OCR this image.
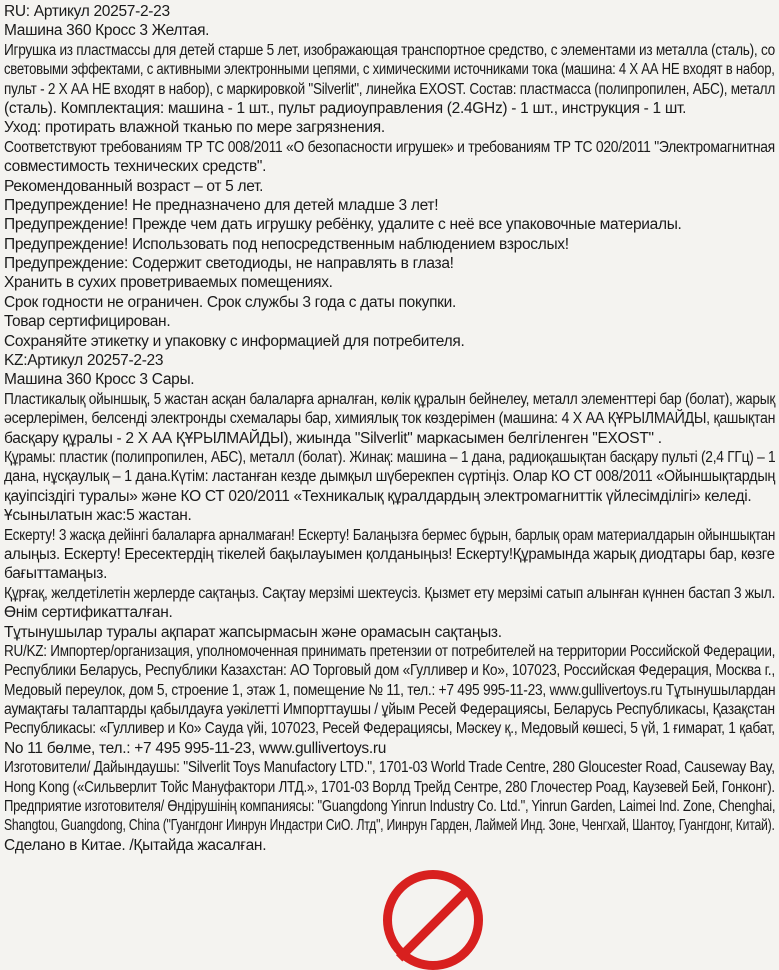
RU: Артикул 20257-2-23
Машина 360 Кросс 3 Желтая.
Игрушка из пластмассы для детей старше 5 лет, изображающая транспортное средство, с элементами из металла (сталь), со
световыми эффектами, с активными электронными цепями, с химическими источниками тока (машина: 4 Х АА НЕ входят в набор,
пульт - 2 Х АА НЕ входят в набор), с маркировкой "Silverlit", линейка EXOST. Состав: пластмасса (полипропилен, АБС), металл
(сталь). Комплектация: машина - 1 шт., пульт радиоуправления (2.4GHz) - 1 шт., инструкция - 1 шт.
Уход: протирать влажной тканью по мере загрязнения.
Соответствуют требованиям ТР ТС 008/2011 «О безопасности игрушек» и требованиям ТР ТС 020/2011 "Электромагнитная
совместимость технических средств".
Рекомендованный возраст – от 5 лет.
Предупреждение! Не предназначено для детей младше 3 лет!
Предупреждение! Прежде чем дать игрушку ребёнку, удалите с неё все упаковочные материалы.
Предупреждение! Использовать под непосредственным наблюдением взрослых!
Предупреждение: Содержит светодиоды, не направлять в глаза!
Хранить в сухих проветриваемых помещениях.
Срок годности не ограничен. Срок службы 3 года с даты покупки.
Товар сертифицирован.
Сохраняйте этикетку и упаковку с информацией для потребителя.
KZ:Артикул 20257-2-23
Машина 360 Кросс 3 Сары.
Пластикалық ойыншық, 5 жастан асқан балаларға арналған, көлік құралын бейнелеу, металл элементтері бар (болат), жарық
әсерлерімен, белсенді электронды схемалары бар, химиялық ток көздерімен (машина: 4 Х АА ҚҰРЫЛМАЙДЫ, қашықтан
басқару құралы - 2 Х АА ҚҰРЫЛМАЙДЫ), жиында "Silverlit" маркасымен белгіленген "EXOST" .
Құрамы: пластик (полипропилен, АБС), металл (болат). Жинақ: машина – 1 дана, радиоқашықтан басқару пульті (2,4 ГГц) – 1
дана, нұсқаулық – 1 дана.Күтім: ластанған кезде дымқыл шүберекпен сүртіңіз. Олар КО СТ 008/2011 «Ойыншықтардың
қауіпсіздігі туралы» және КО СТ 020/2011 «Техникалық құралдардың электромагниттік үйлесімділігі» келеді.
Ұсынылатын жас:5 жастан.
Ескерту! 3 жасқа дейінгі балаларға арналмаған! Ескерту! Балаңызға бермес бұрын, барлық орам материалдарын ойыншықтан
алыңыз. Ескерту! Ересектердің тікелей бақылауымен қолданыңыз! Ескерту!Құрамында жарық диодтары бар, көзге
бағыттамаңыз.
Құрғақ, желдетілетін жерлерде сақтаңыз. Сақтау мерзімі шектеусіз. Қызмет ету мерзімі сатып алынған күннен бастап 3 жыл.
Өнім сертификатталған.
Тұтынушылар туралы ақпарат жапсырмасын және орамасын сақтаңыз.
RU/KZ: Импортер/организация, уполномоченная принимать претензии от потребителей на территории Российской Федерации,
Республики Беларусь, Республики Казахстан: АО Торговый дом «Гулливер и Ко», 107023, Российская Федерация, Москва г.,
Медовый переулок, дом 5, строение 1, этаж 1, помещение № 11, тел.: +7 495 995-11-23, www.gullivertoys.ru Тұтынушылардан
аумақтағы талаптарды қабылдауға уәкілетті Импорттаушы / ұйым Ресей Федерациясы, Беларусь Республикасы, Қазақстан
Республикасы: «Гулливер и Ко» Сауда үйі, 107023, Ресей Федерациясы, Мәскеу қ., Медовый көшесі, 5 үй, 1 ғимарат, 1 қабат,
No 11 бөлме, тел.: +7 495 995-11-23, www.gullivertoys.ru
Изготовители/ Дайындаушы: "Silverlit Toys Manufactory LTD.", 1701-03 World Trade Centre, 280 Gloucester Road, Causeway Bay,
Hong Kong («Сильверлит Тойс Мануфактори ЛТД.», 1701-03 Ворлд Трейд Сентре, 280 Глочестер Роад, Каузевей Бей, Гонконг).
Предприятие изготовителя/ Өндірушінің компаниясы: "Guangdong Yinrun Industry Co. Ltd.", Yinrun Garden, Laimei Ind. Zone, Chenghai,
Shangtou, Guangdong, China ("Гуангдонг Иинрун Индастри СиО. Лтд", Иинрун Гарден, Лаймей Инд. Зоне, Ченгхай, Шантоу, Гуангдонг, Китай).
Сделано в Китае. /Қытайда жасалған.
